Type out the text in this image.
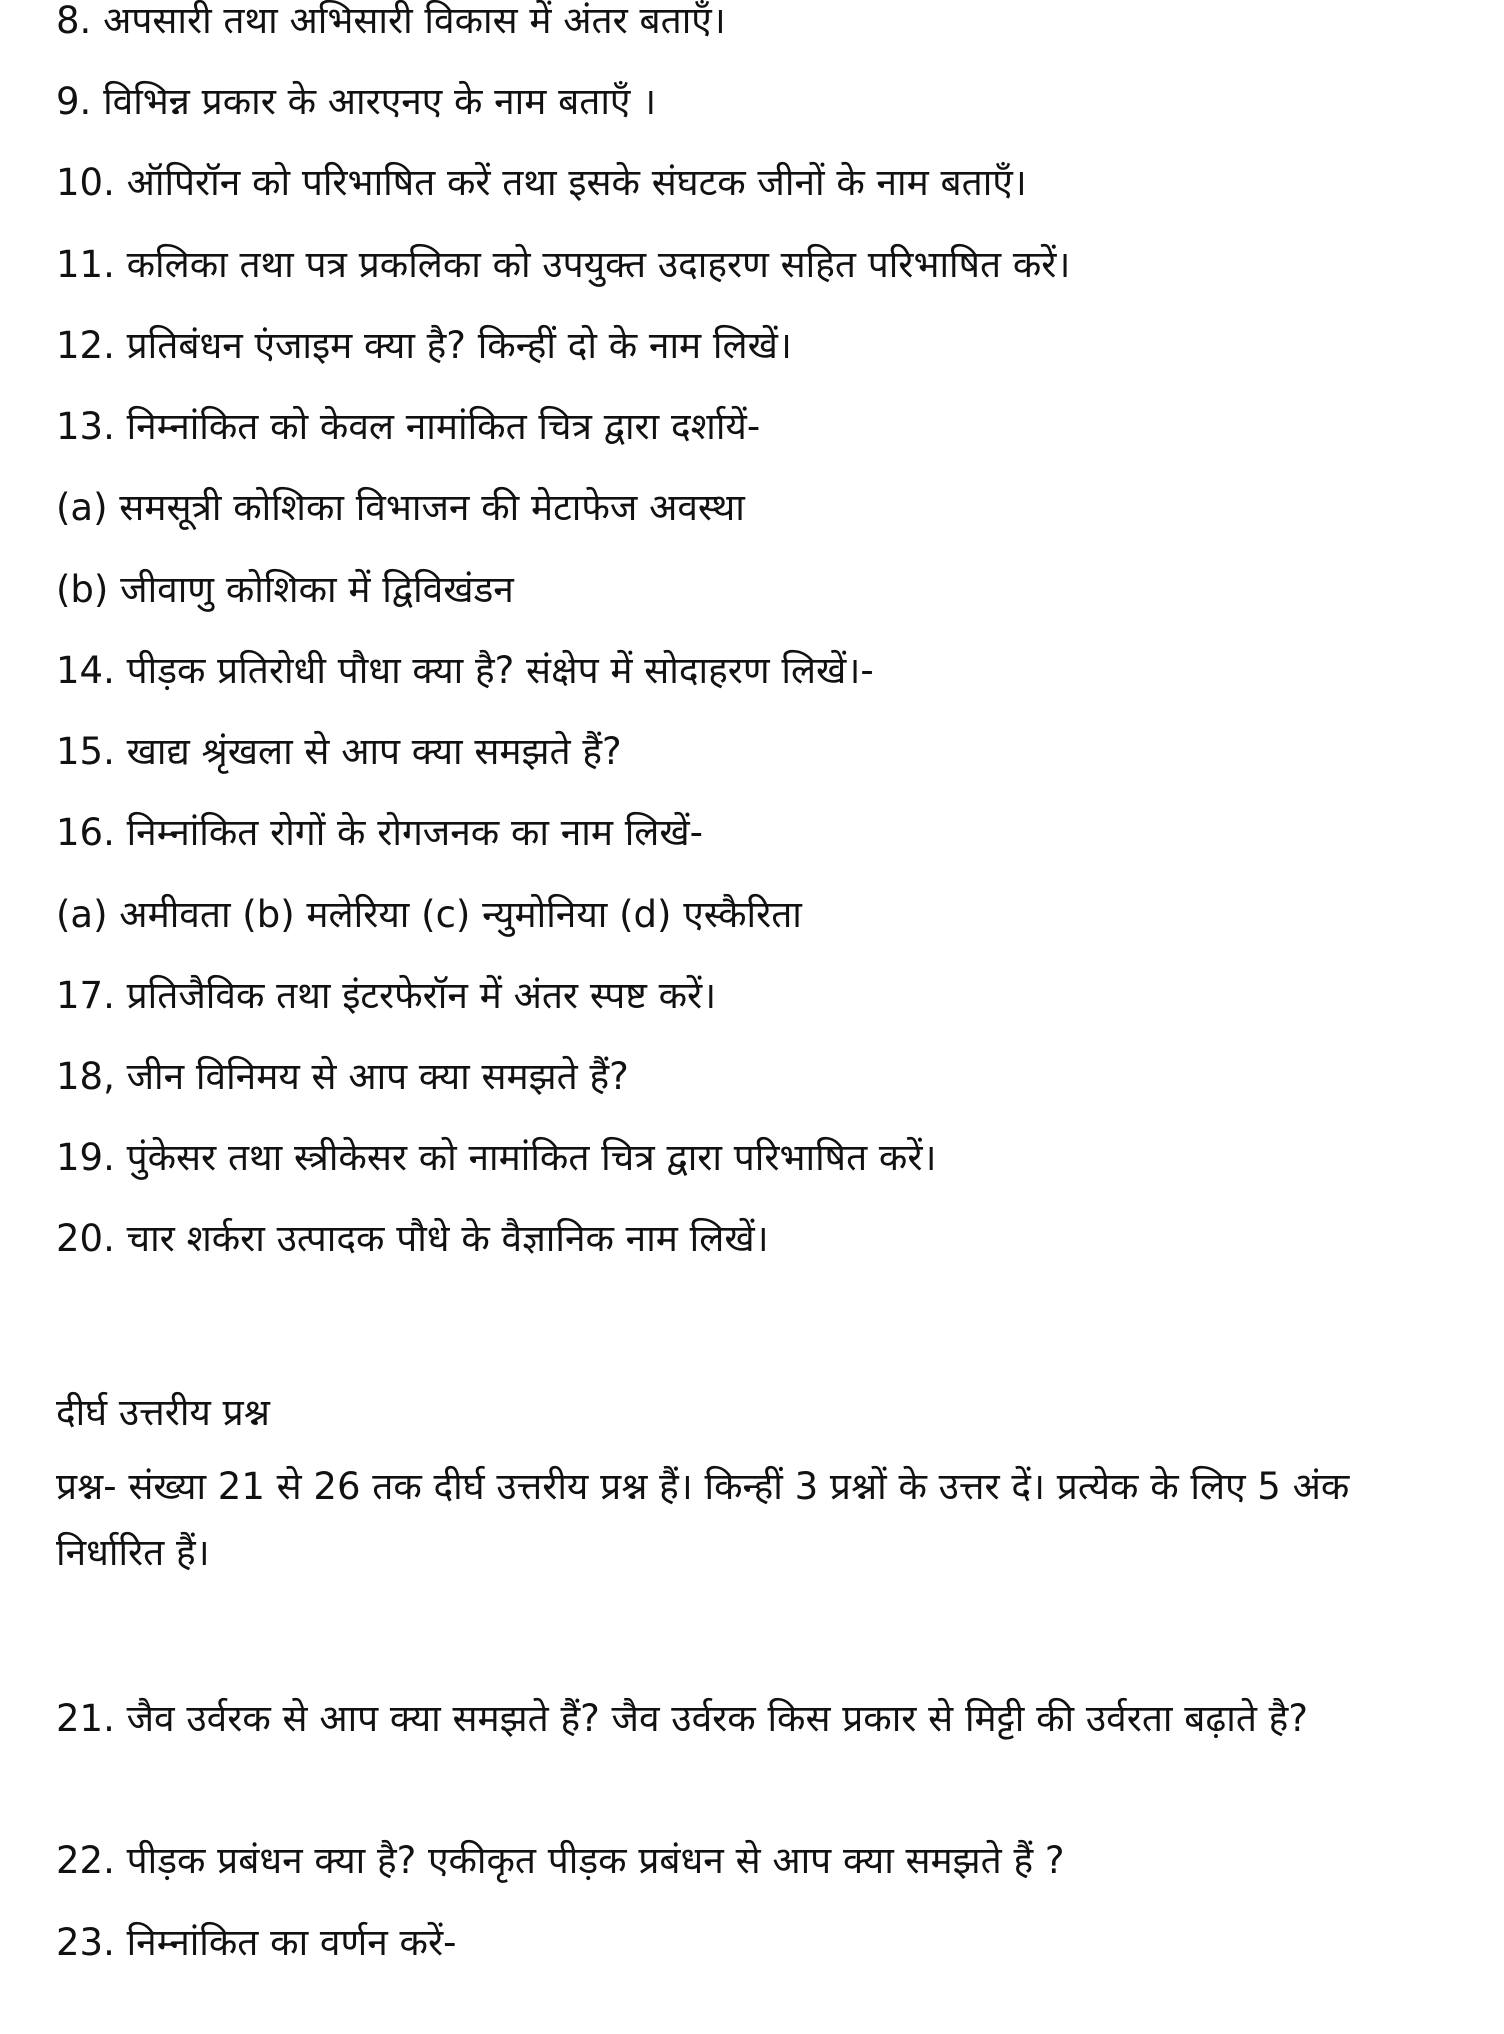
8. अपसारी तथा अभिसारी विकास में अंतर बताएँ।
9. विभिन्न प्रकार के आरएनए के नाम बताएँ ।
10. ऑपिरॉन को परिभाषित करें तथा इसके संघटक जीनों के नाम बताएँ।
11. कलिका तथा पत्र प्रकलिका को उपयुक्त उदाहरण सहित परिभाषित करें।
12. प्रतिबंधन एंजाइम क्या है? किन्हीं दो के नाम लिखें।
13. निम्नांकित को केवल नामांकित चित्र द्वारा दर्शायें-
(a) समसूत्री कोशिका विभाजन की मेटाफेज अवस्था
(b) जीवाणु कोशिका में द्विविखंडन
14. पीड़क प्रतिरोधी पौधा क्या है? संक्षेप में सोदाहरण लिखें।-
15. खाद्य श्रृंखला से आप क्या समझते हैं?
16. निम्नांकित रोगों के रोगजनक का नाम लिखें-
(a) अमीवता (b) मलेरिया (c) न्युमोनिया (d) एस्कैरिता
17. प्रतिजैविक तथा इंटरफेरॉन में अंतर स्पष्ट करें।
18, जीन विनिमय से आप क्या समझते हैं?
19. पुंकेसर तथा स्त्रीकेसर को नामांकित चित्र द्वारा परिभाषित करें।
20. चार शर्करा उत्पादक पौधे के वैज्ञानिक नाम लिखें।
दीर्घ उत्तरीय प्रश्न
प्रश्न- संख्या 21 से 26 तक दीर्घ उत्तरीय प्रश्न हैं। किन्हीं 3 प्रश्नों के उत्तर दें। प्रत्येक के लिए 5 अंक निर्धारित हैं।
21. जैव उर्वरक से आप क्या समझते हैं? जैव उर्वरक किस प्रकार से मिट्टी की उर्वरता बढ़ाते है?
22. पीड़क प्रबंधन क्या है? एकीकृत पीड़क प्रबंधन से आप क्या समझते हैं ?
23. निम्नांकित का वर्णन करें-
